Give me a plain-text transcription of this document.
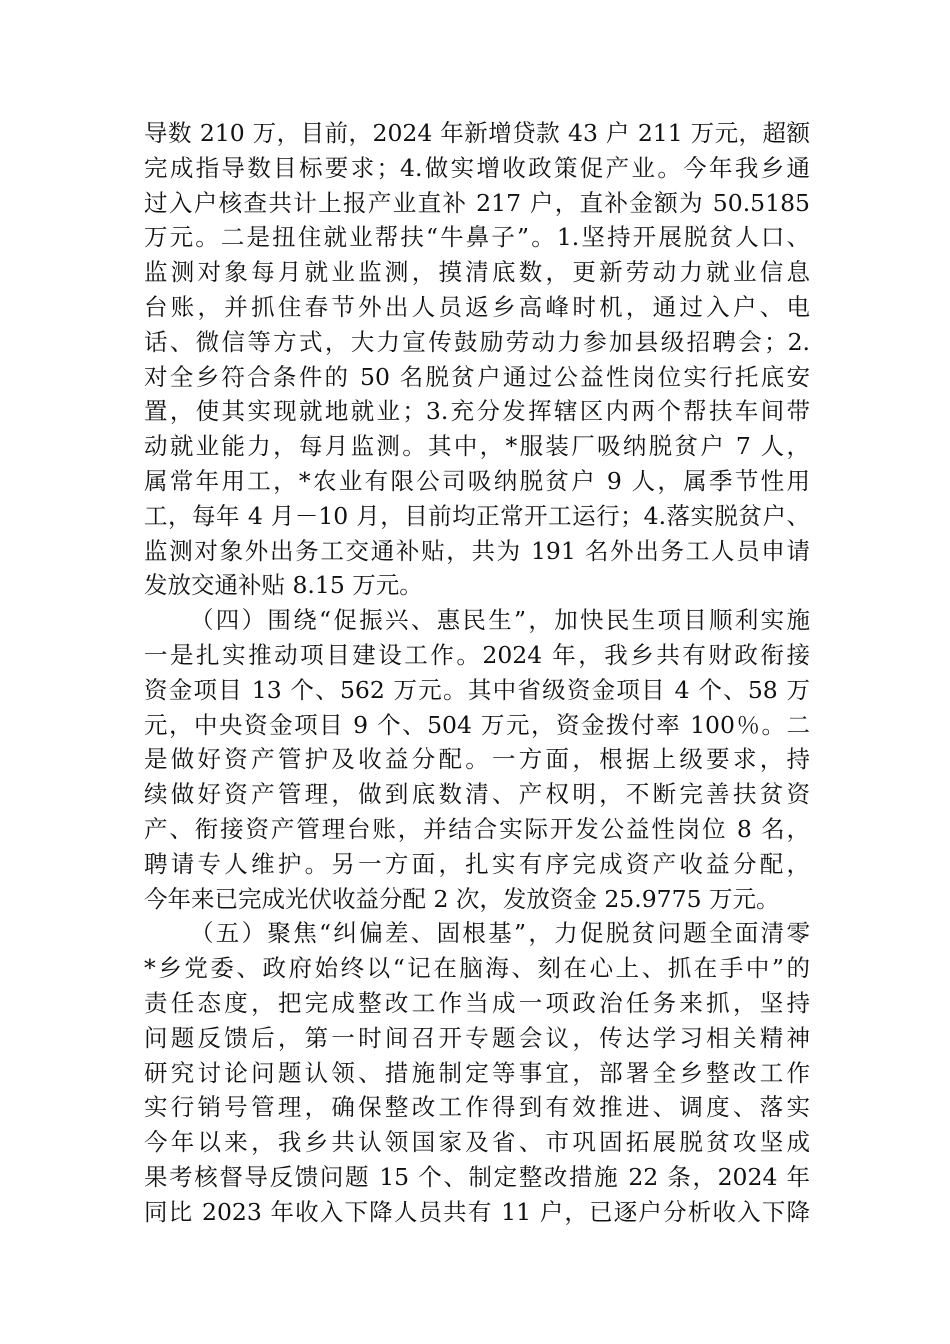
导数 210 万，目前，2024 年新增贷款 43 户 211 万元，超额
完成指导数目标要求；4.做实增收政策促产业。今年我乡通
过入户核查共计上报产业直补 217 户，直补金额为 50.5185
万元。二是扭住就业帮扶“牛鼻子”。1.坚持开展脱贫人口、
监测对象每月就业监测，摸清底数，更新劳动力就业信息
台账，并抓住春节外出人员返乡高峰时机，通过入户、电
话、微信等方式，大力宣传鼓励劳动力参加县级招聘会；2.
对全乡符合条件的 50 名脱贫户通过公益性岗位实行托底安
置，使其实现就地就业；3.充分发挥辖区内两个帮扶车间带
动就业能力，每月监测。其中，*服装厂吸纳脱贫户 7 人，
属常年用工，*农业有限公司吸纳脱贫户 9 人，属季节性用
工，每年 4 月－10 月，目前均正常开工运行；4.落实脱贫户、
监测对象外出务工交通补贴，共为 191 名外出务工人员申请
发放交通补贴 8.15 万元。
（四）围绕“促振兴、惠民生”，加快民生项目顺利实施
一是扎实推动项目建设工作。2024 年，我乡共有财政衔接
资金项目 13 个、562 万元。其中省级资金项目 4 个、58 万
元，中央资金项目 9 个、504 万元，资金拨付率 100％。二
是做好资产管护及收益分配。一方面，根据上级要求，持
续做好资产管理，做到底数清、产权明，不断完善扶贫资
产、衔接资产管理台账，并结合实际开发公益性岗位 8 名，
聘请专人维护。另一方面，扎实有序完成资产收益分配，
今年来已完成光伏收益分配 2 次，发放资金 25.9775 万元。
（五）聚焦“纠偏差、固根基”，力促脱贫问题全面清零
*乡党委、政府始终以“记在脑海、刻在心上、抓在手中”的
责任态度，把完成整改工作当成一项政治任务来抓，坚持
问题反馈后，第一时间召开专题会议，传达学习相关精神
研究讨论问题认领、措施制定等事宜，部署全乡整改工作
实行销号管理，确保整改工作得到有效推进、调度、落实
今年以来，我乡共认领国家及省、市巩固拓展脱贫攻坚成
果考核督导反馈问题 15 个、制定整改措施 22 条，2024 年
同比 2023 年收入下降人员共有 11 户，已逐户分析收入下降
